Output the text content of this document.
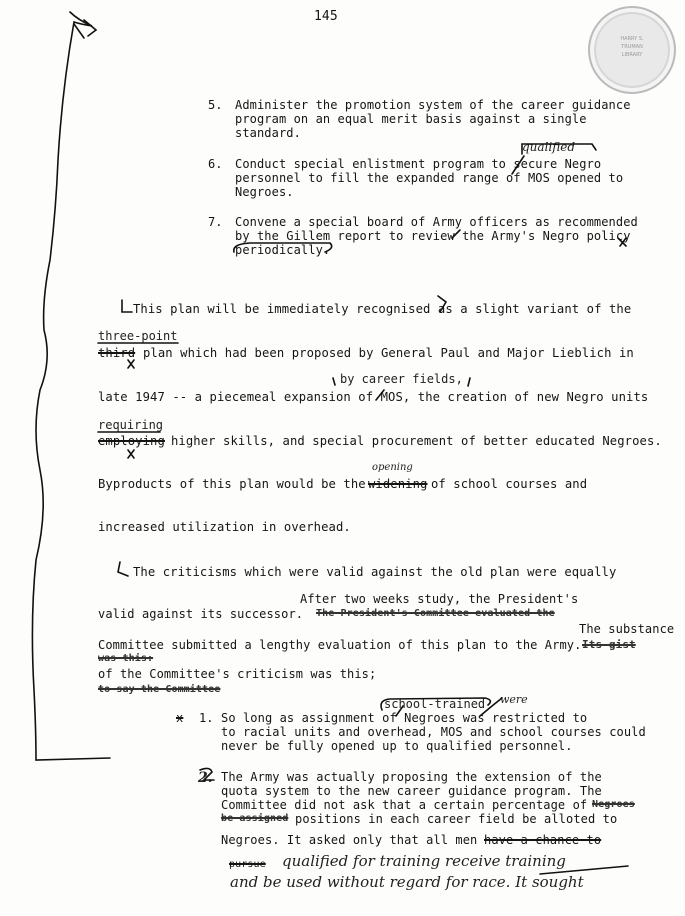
145
HARRY S.
TRUMAN
LIBRARY
5. Administer the promotion system of the career guidance
program on an equal merit basis against a single
standard.
qualified
6. Conduct special enlistment program to secure Negro
personnel to fill the expanded range of MOS opened to
Negroes.
7. Convene a special board of Army officers as recommended
by the Gillem report to review the Army's Negro policy
periodically.
This plan will be immediately recognised as a slight variant of the
three-point
third plan which had been proposed by General Paul and Major Lieblich in
by career fields,
late 1947 -- a piecemeal expansion of MOS, the creation of new Negro units
requiring
employing higher skills, and special procurement of better educated Negroes.
Byproducts of this plan would be the
opening
widening of school courses and
increased utilization in overhead.
The criticisms which were valid against the old plan were equally
After two weeks study, the President's
valid against its successor. The President's Committee evaluated the
The substance
Committee submitted a lengthy evaluation of this plan to the Army. Its gist
was this:
of the Committee's criticism was this;
to say the Committee
school-trained were
x 1. So long as assignment of Negroes was restricted to
to racial units and overhead, MOS and school courses could
never be fully opened up to qualified personnel.
2. The Army was actually proposing the extension of the
quota system to the new career guidance program. The
Committee did not ask that a certain percentage of Negroes
be assigned positions in each career field be alloted to
Negroes. It asked only that all men have a chance to
pursue qualified for training receive training
and be used without regard for race. It sought
